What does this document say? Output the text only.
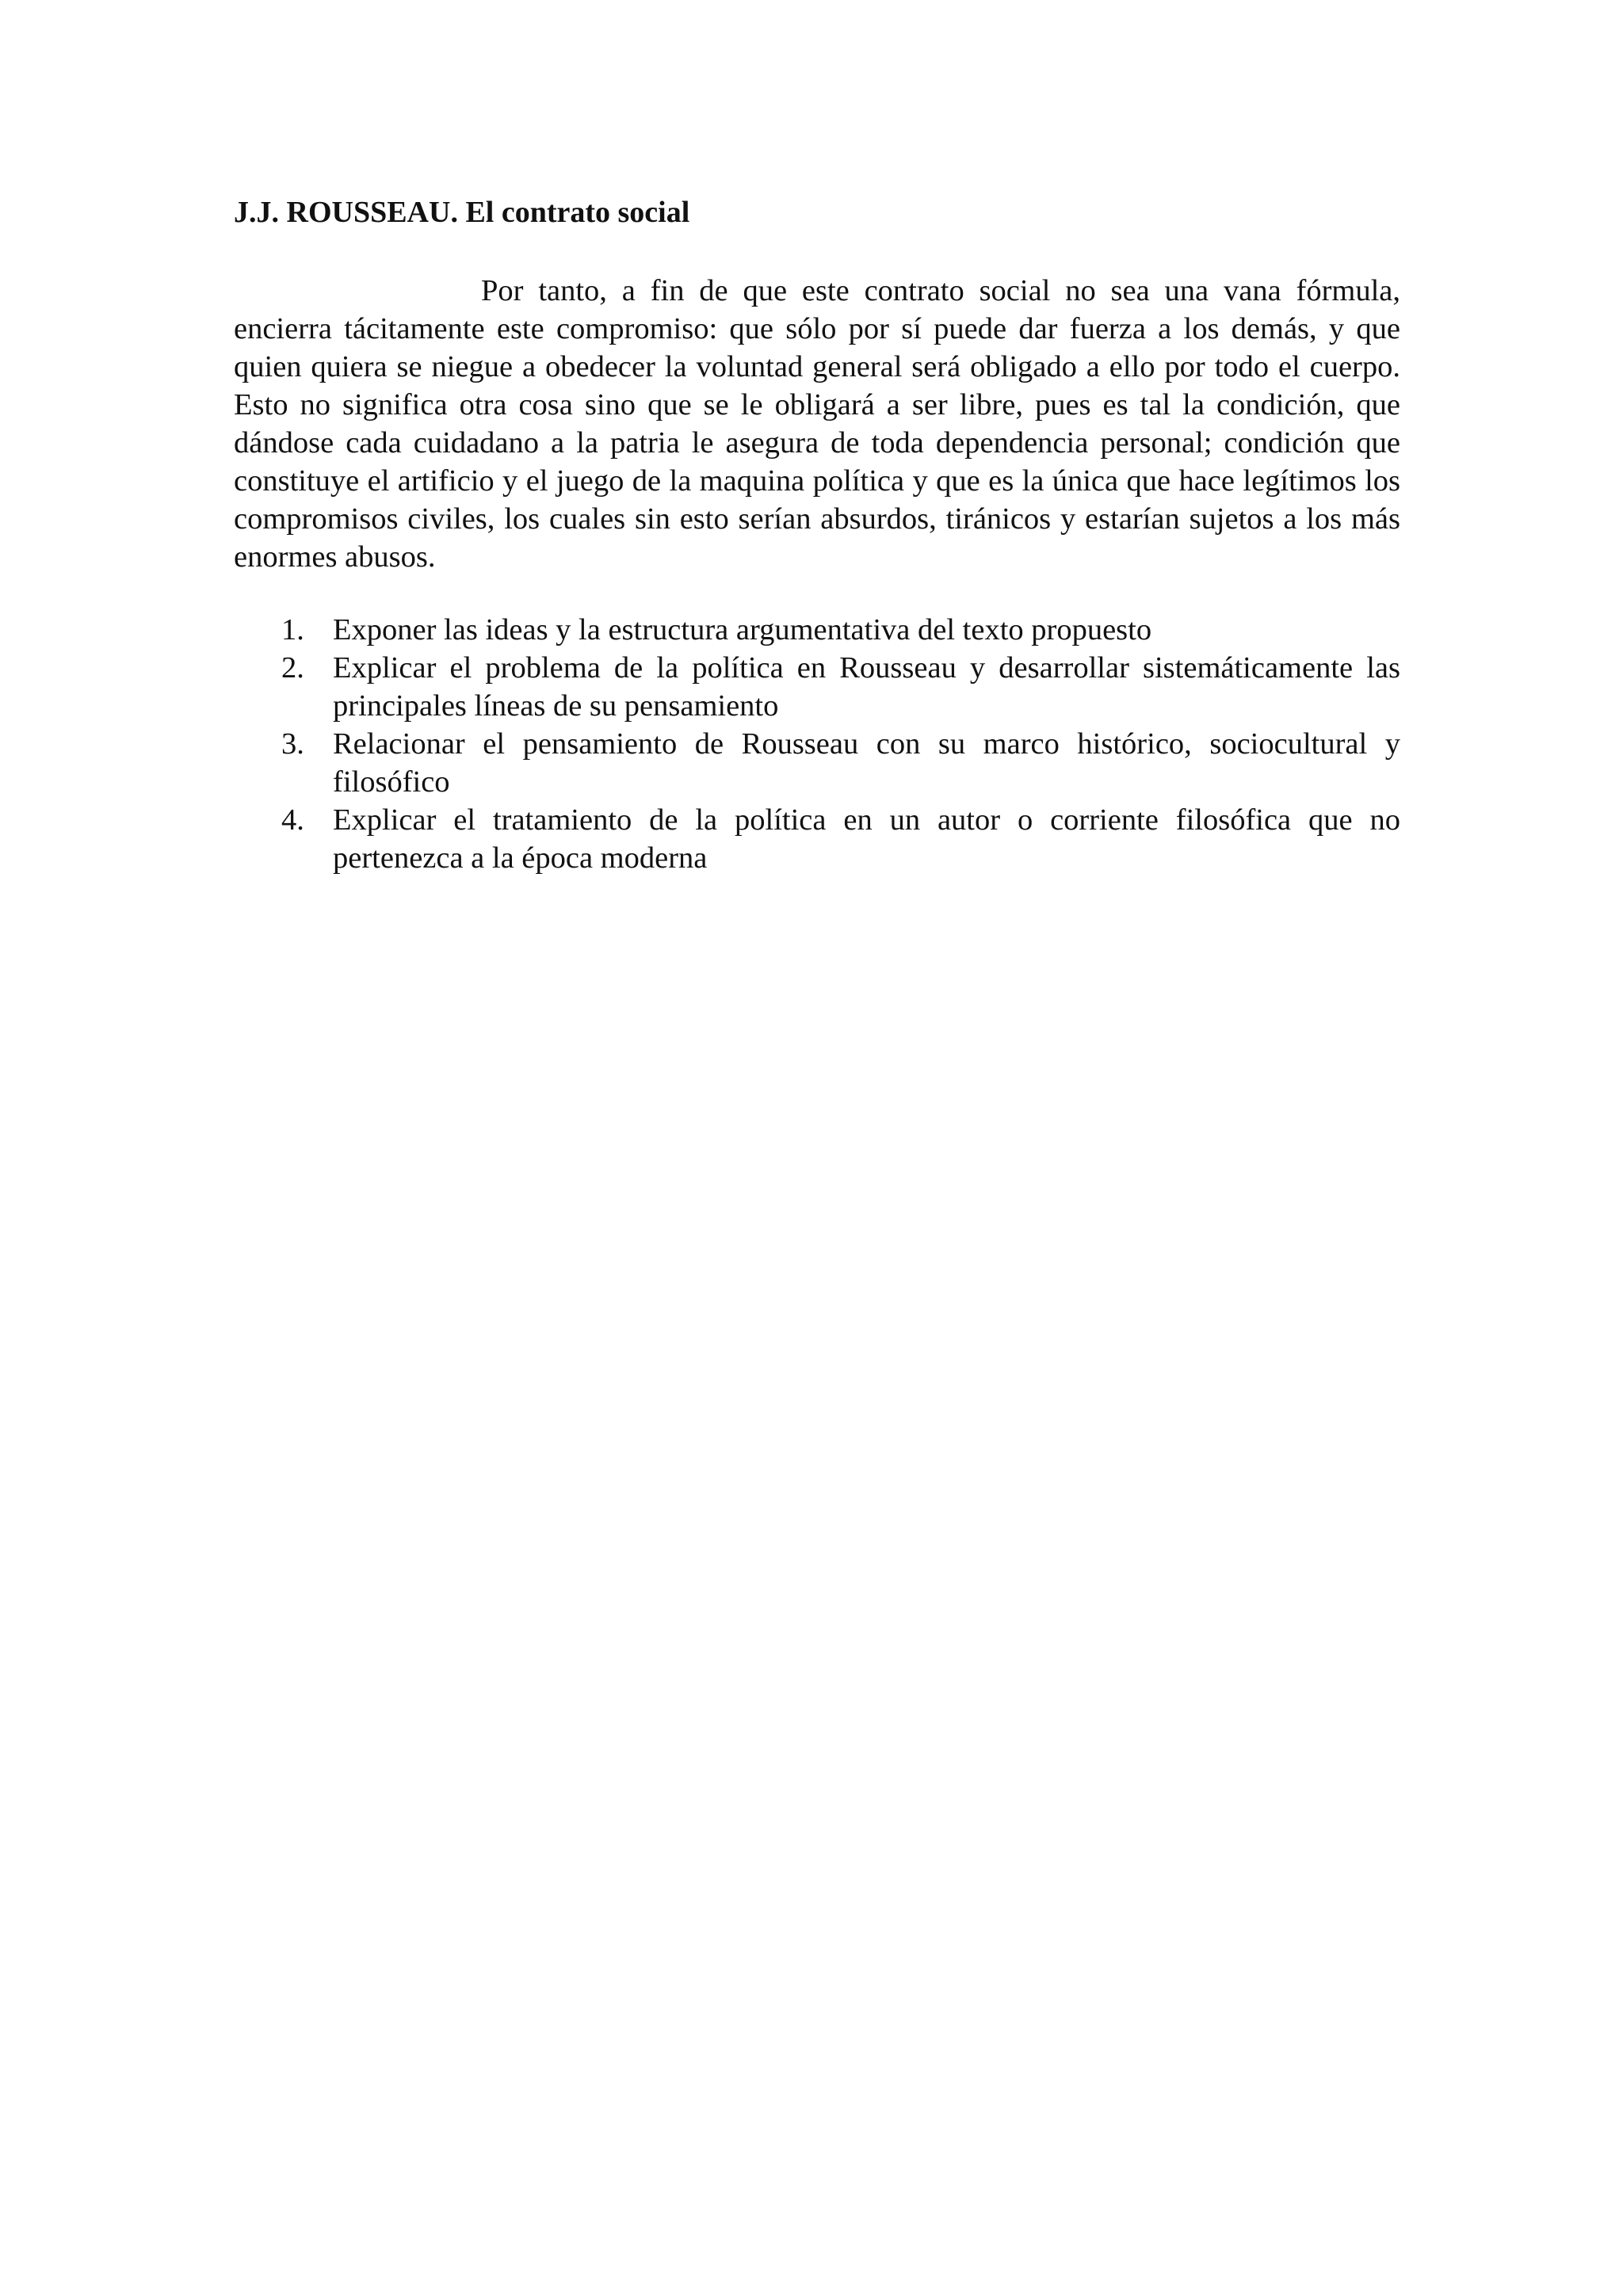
J.J. ROUSSEAU. El contrato social

Por tanto, a fin de que este contrato social no sea una vana fórmula, encierra tácitamente este compromiso: que sólo por sí puede dar fuerza a los demás, y que quien quiera se niegue a obedecer la voluntad general será obligado a ello por todo el cuerpo. Esto no significa otra cosa sino que se le obligará a ser libre, pues es tal la condición, que dándose cada cuidadano a la patria le asegura de toda dependencia personal; condición que constituye el artificio y el juego de la maquina política y que es la única que hace legítimos los compromisos civiles, los cuales sin esto serían absurdos, tiránicos y estarían sujetos a los más enormes abusos.

1. Exponer las ideas y la estructura argumentativa del texto propuesto
2. Explicar el problema de la política en Rousseau y desarrollar sistemáticamente las principales líneas de su pensamiento
3. Relacionar el pensamiento de Rousseau con su marco histórico, sociocultural y filosófico
4. Explicar el tratamiento de la política en un autor o corriente filosófica que no pertenezca a la época moderna
